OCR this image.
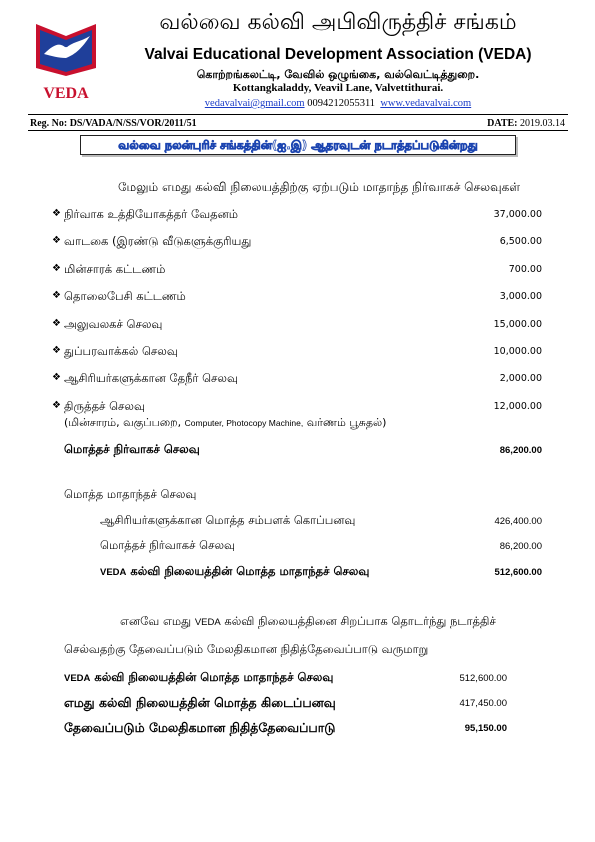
VEDA
வல்வை கல்வி அபிவிருத்திச் சங்கம்
Valvai Educational Development Association (VEDA)
கொற்றங்கலட்டி, வேவில் ஒழுங்கை, வல்வெட்டித்துறை.
Kottangkaladdy, Veavil Lane, Valvettithurai.
vedavalvai@gmail.com 0094212055311 www.vedavalvai.com
Reg. No: DS/VADA/N/SS/VOR/2011/51	DATE: 2019.03.14
வல்வை நலன்புரிச் சங்கத்தின்(ஐ.இ) ஆதரவுடன் நடாத்தப்படுகின்றது
மேலும் எமது கல்வி நிலையத்திற்கு ஏற்படும் மாதாந்த நிர்வாகச் செலவுகள்
❖ நிர்வாக உத்தியோகத்தர் வேதனம்	37,000.00
❖ வாடகை (இரண்டு வீடுகளுக்குரியது	6,500.00
❖ மின்சாரக் கட்டணம்	700.00
❖ தொலைபேசி கட்டணம்	3,000.00
❖ அலுவலகச் செலவு	15,000.00
❖ துப்பரவாக்கல் செலவு	10,000.00
❖ ஆசிரியர்களுக்கான தேநீர் செலவு	2,000.00
❖ திருத்தச் செலவு	12,000.00
(மின்சாரம், வகுப்பறை, Computer, Photocopy Machine, வர்ணம் பூசுதல்)
மொத்தச் நிர்வாகச் செலவு	86,200.00
மொத்த மாதாந்தச் செலவு
ஆசிரியர்களுக்கான மொத்த சம்பளக் கொப்பனவு	426,400.00
மொத்தச் நிர்வாகச் செலவு	86,200.00
VEDA கல்வி நிலையத்தின் மொத்த மாதாந்தச் செலவு	512,600.00
எனவே எமது VEDA கல்வி நிலையத்தினை சிறப்பாக தொடர்ந்து நடாத்திச்
செல்வதற்கு தேவைப்படும் மேலதிகமான நிதித்தேவைப்பாடு வருமாறு
VEDA கல்வி நிலையத்தின் மொத்த மாதாந்தச் செலவு	512,600.00
எமது கல்வி நிலையத்தின் மொத்த கிடைப்பனவு	417,450.00
தேவைப்படும் மேலதிகமான நிதித்தேவைப்பாடு	95,150.00
